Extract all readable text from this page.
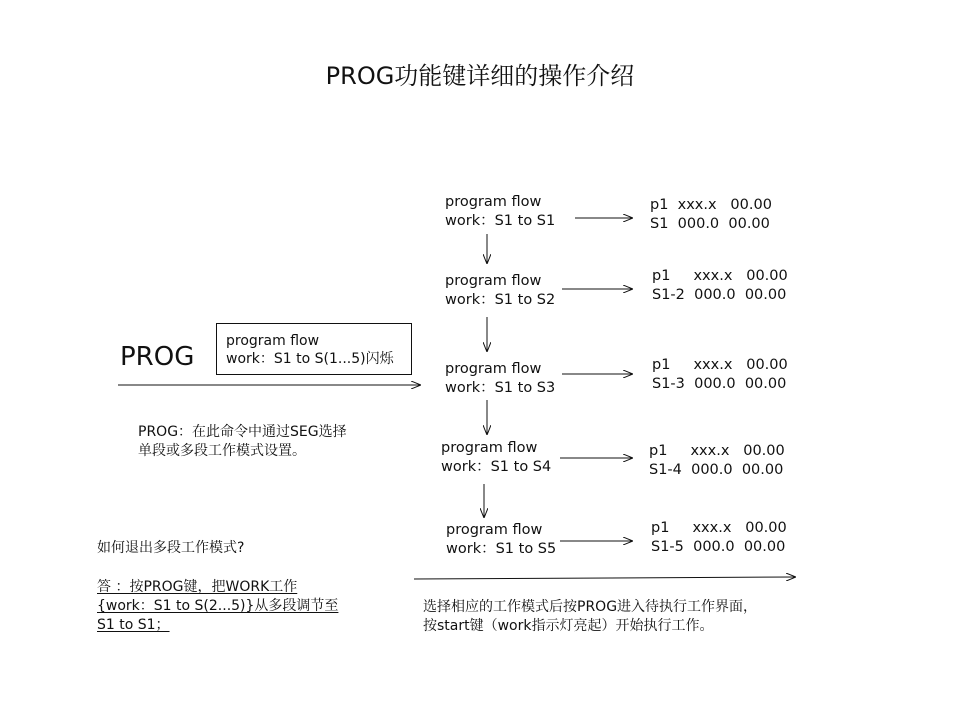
PROG功能键详细的操作介绍
PROG
program flow
work：S1 to S(1...5)闪烁
PROG：在此命令中通过SEG选择
单段或多段工作模式设置。
program flow
work：S1 to S1
p1  xxx.x   00.00
S1  000.0  00.00
program flow
work：S1 to S2
p1     xxx.x   00.00
S1-2  000.0  00.00
program flow
work：S1 to S3
p1     xxx.x   00.00
S1-3  000.0  00.00
program flow
work：S1 to S4
p1     xxx.x   00.00
S1-4  000.0  00.00
program flow
work：S1 to S5
p1     xxx.x   00.00
S1-5  000.0  00.00
如何退出多段工作模式?
答 ：按PROG键，把WORK工作
{work：S1 to S(2...5)}从多段调节至
S1 to S1；
选择相应的工作模式后按PROG进入待执行工作界面，
按start键（work指示灯亮起）开始执行工作。
